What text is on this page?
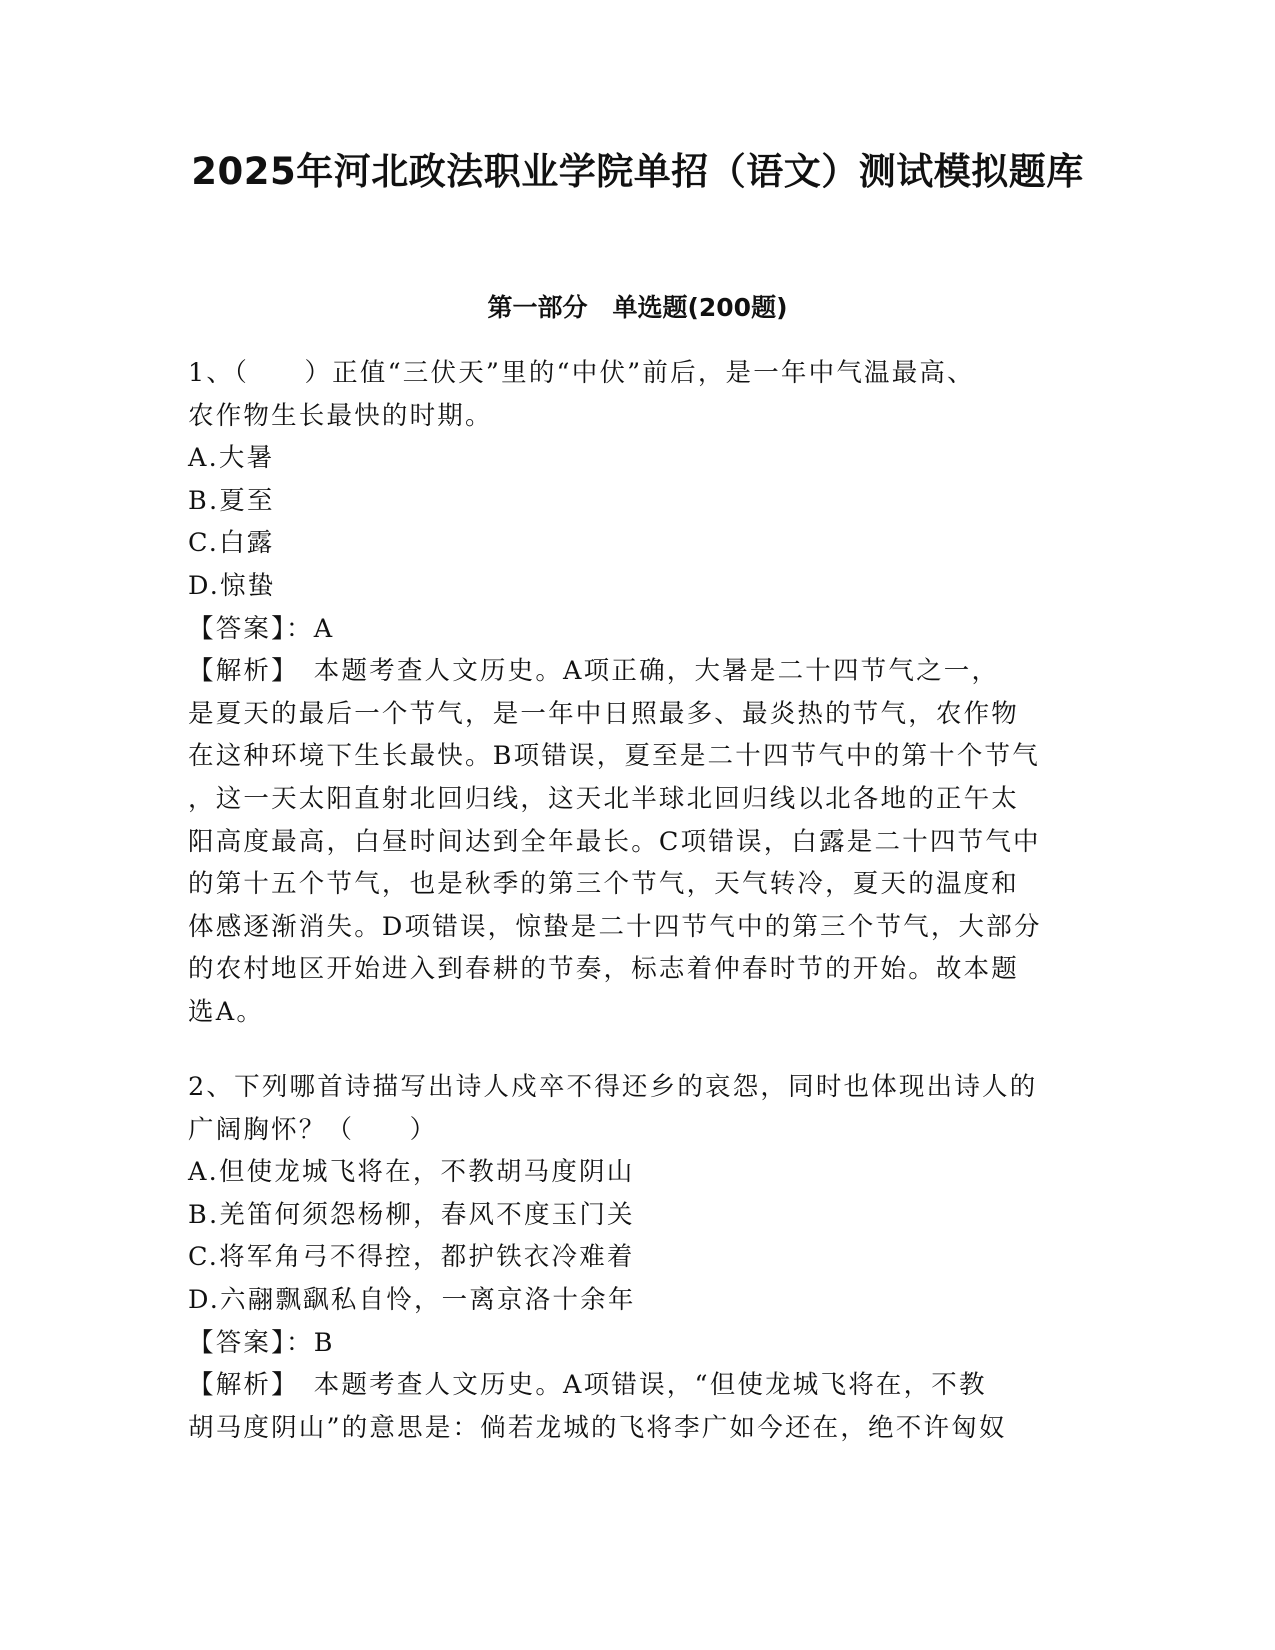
2025年河北政法职业学院单招（语文）测试模拟题库
第一部分　单选题(200题)
1、（　　）正值“三伏天”里的“中伏”前后，是一年中气温最高、
农作物生长最快的时期。
A.大暑
B.夏至
C.白露
D.惊蛰
【答案】：A
【解析】　本题考查人文历史。A项正确，大暑是二十四节气之一，
是夏天的最后一个节气，是一年中日照最多、最炎热的节气，农作物
在这种环境下生长最快。B项错误，夏至是二十四节气中的第十个节气
，这一天太阳直射北回归线，这天北半球北回归线以北各地的正午太
阳高度最高，白昼时间达到全年最长。C项错误，白露是二十四节气中
的第十五个节气，也是秋季的第三个节气，天气转冷，夏天的温度和
体感逐渐消失。D项错误，惊蛰是二十四节气中的第三个节气，大部分
的农村地区开始进入到春耕的节奏，标志着仲春时节的开始。故本题
选A。
2、下列哪首诗描写出诗人戍卒不得还乡的哀怨，同时也体现出诗人的
广阔胸怀？（　　）
A.但使龙城飞将在，不教胡马度阴山
B.羌笛何须怨杨柳，春风不度玉门关
C.将军角弓不得控，都护铁衣冷难着
D.六翮飘飖私自怜，一离京洛十余年
【答案】：B
【解析】　本题考查人文历史。A项错误，“但使龙城飞将在，不教
胡马度阴山”的意思是：倘若龙城的飞将李广如今还在，绝不许匈奴
